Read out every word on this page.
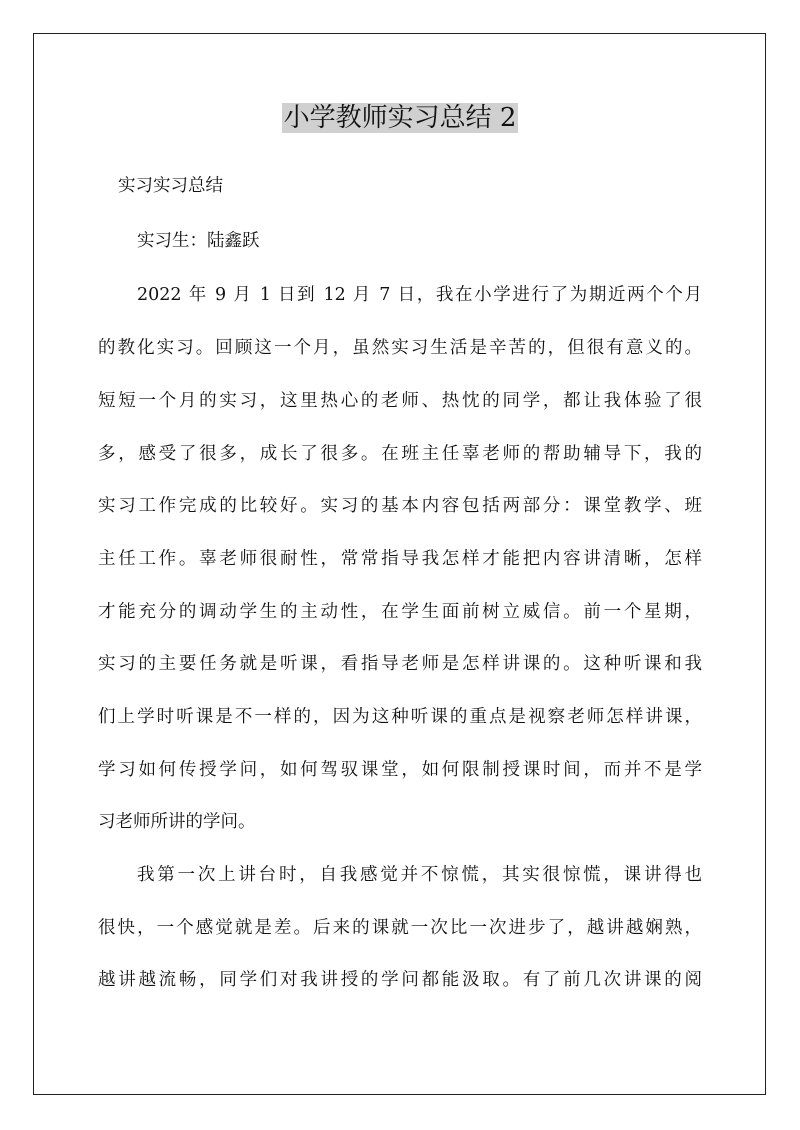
小学教师实习总结 2
实习实习总结
实习生：陆鑫跃
2022 年 9 月 1 日到 12 月 7 日，我在小学进行了为期近两个个月
的教化实习。回顾这一个月，虽然实习生活是辛苦的，但很有意义的。
短短一个月的实习，这里热心的老师、热忱的同学，都让我体验了很
多，感受了很多，成长了很多。在班主任辜老师的帮助辅导下，我的
实习工作完成的比较好。实习的基本内容包括两部分：课堂教学、班
主任工作。辜老师很耐性，常常指导我怎样才能把内容讲清晰，怎样
才能充分的调动学生的主动性，在学生面前树立威信。前一个星期，
实习的主要任务就是听课，看指导老师是怎样讲课的。这种听课和我
们上学时听课是不一样的，因为这种听课的重点是视察老师怎样讲课，
学习如何传授学问，如何驾驭课堂，如何限制授课时间，而并不是学
习老师所讲的学问。
我第一次上讲台时，自我感觉并不惊慌，其实很惊慌，课讲得也
很快，一个感觉就是差。后来的课就一次比一次进步了，越讲越娴熟，
越讲越流畅，同学们对我讲授的学问都能汲取。有了前几次讲课的阅
